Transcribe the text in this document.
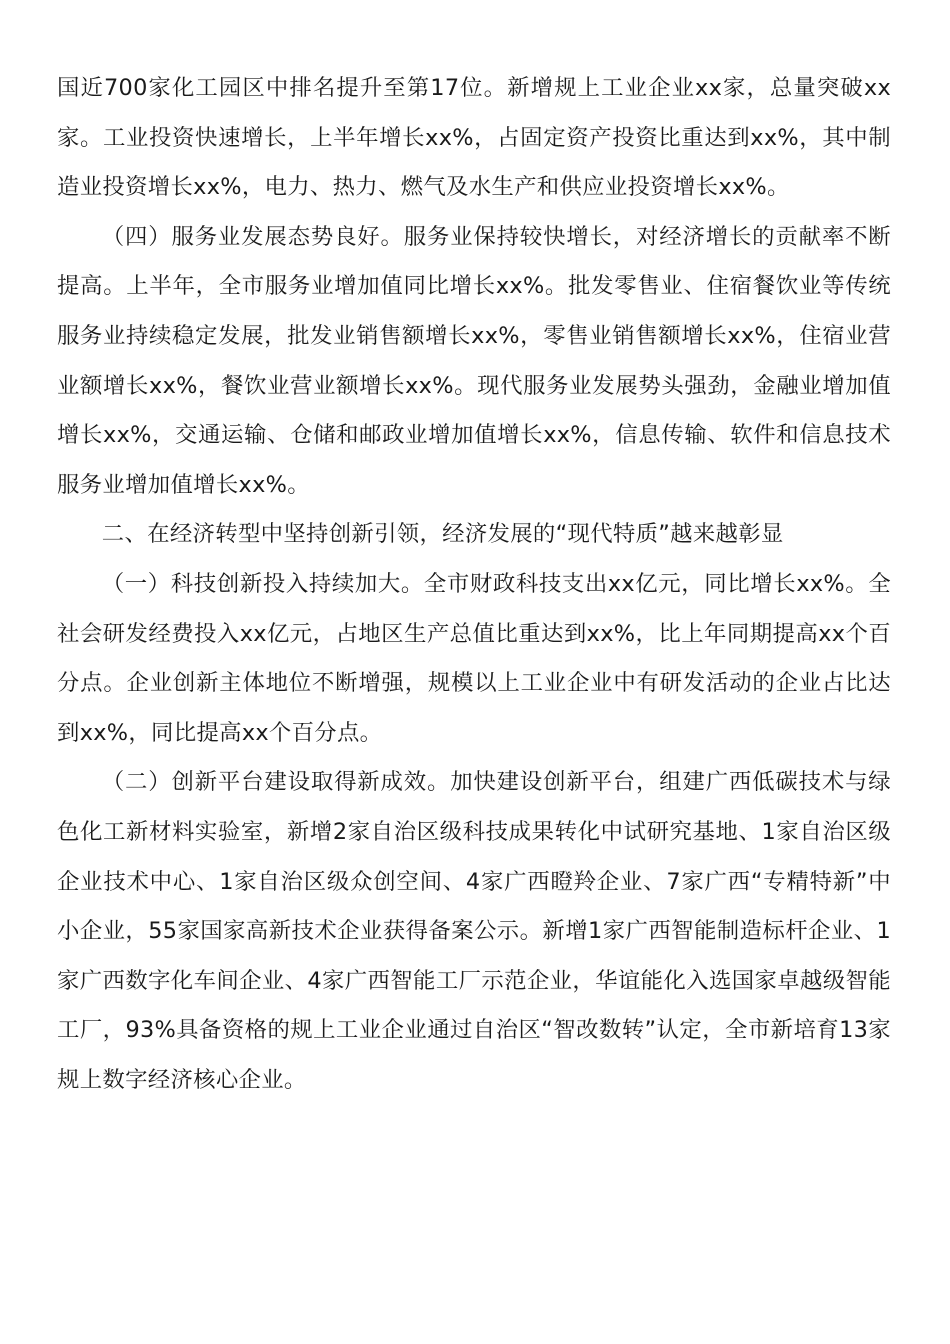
国近700家化工园区中排名提升至第17位。新增规上工业企业xx家，总量突破xx家。工业投资快速增长，上半年增长xx%，占固定资产投资比重达到xx%，其中制造业投资增长xx%，电力、热力、燃气及水生产和供应业投资增长xx%。

（四）服务业发展态势良好。服务业保持较快增长，对经济增长的贡献率不断提高。上半年，全市服务业增加值同比增长xx%。批发零售业、住宿餐饮业等传统服务业持续稳定发展，批发业销售额增长xx%，零售业销售额增长xx%，住宿业营业额增长xx%，餐饮业营业额增长xx%。现代服务业发展势头强劲，金融业增加值增长xx%，交通运输、仓储和邮政业增加值增长xx%，信息传输、软件和信息技术服务业增加值增长xx%。

二、在经济转型中坚持创新引领，经济发展的“现代特质”越来越彰显

（一）科技创新投入持续加大。全市财政科技支出xx亿元，同比增长xx%。全社会研发经费投入xx亿元，占地区生产总值比重达到xx%，比上年同期提高xx个百分点。企业创新主体地位不断增强，规模以上工业企业中有研发活动的企业占比达到xx%，同比提高xx个百分点。

（二）创新平台建设取得新成效。加快建设创新平台，组建广西低碳技术与绿色化工新材料实验室，新增2家自治区级科技成果转化中试研究基地、1家自治区级企业技术中心、1家自治区级众创空间、4家广西瞪羚企业、7家广西“专精特新”中小企业，55家国家高新技术企业获得备案公示。新增1家广西智能制造标杆企业、1家广西数字化车间企业、4家广西智能工厂示范企业，华谊能化入选国家卓越级智能工厂，93%具备资格的规上工业企业通过自治区“智改数转”认定，全市新培育13家规上数字经济核心企业。
